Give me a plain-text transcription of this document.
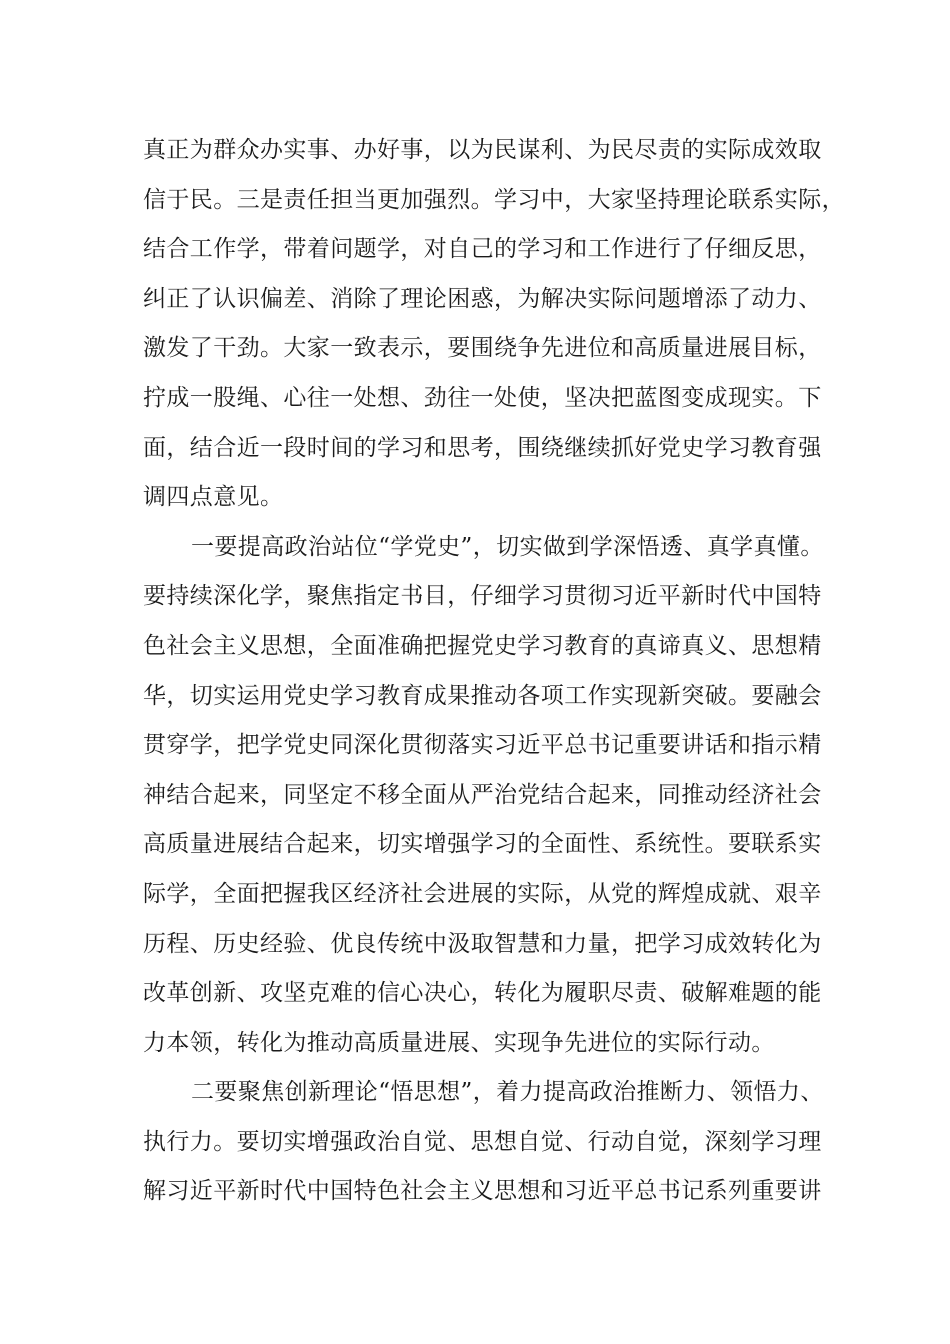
真正为群众办实事、办好事，以为民谋利、为民尽责的实际成效取
信于民。三是责任担当更加强烈。学习中，大家坚持理论联系实际，
结合工作学，带着问题学，对自己的学习和工作进行了仔细反思，
纠正了认识偏差、消除了理论困惑，为解决实际问题增添了动力、
激发了干劲。大家一致表示，要围绕争先进位和高质量进展目标，
拧成一股绳、心往一处想、劲往一处使，坚决把蓝图变成现实。下
面，结合近一段时间的学习和思考，围绕继续抓好党史学习教育强
调四点意见。
一要提高政治站位“学党史”，切实做到学深悟透、真学真懂。
要持续深化学，聚焦指定书目，仔细学习贯彻习近平新时代中国特
色社会主义思想，全面准确把握党史学习教育的真谛真义、思想精
华，切实运用党史学习教育成果推动各项工作实现新突破。要融会
贯穿学，把学党史同深化贯彻落实习近平总书记重要讲话和指示精
神结合起来，同坚定不移全面从严治党结合起来，同推动经济社会
高质量进展结合起来，切实增强学习的全面性、系统性。要联系实
际学，全面把握我区经济社会进展的实际，从党的辉煌成就、艰辛
历程、历史经验、优良传统中汲取智慧和力量，把学习成效转化为
改革创新、攻坚克难的信心决心，转化为履职尽责、破解难题的能
力本领，转化为推动高质量进展、实现争先进位的实际行动。
二要聚焦创新理论“悟思想”，着力提高政治推断力、领悟力、
执行力。要切实增强政治自觉、思想自觉、行动自觉，深刻学习理
解习近平新时代中国特色社会主义思想和习近平总书记系列重要讲
